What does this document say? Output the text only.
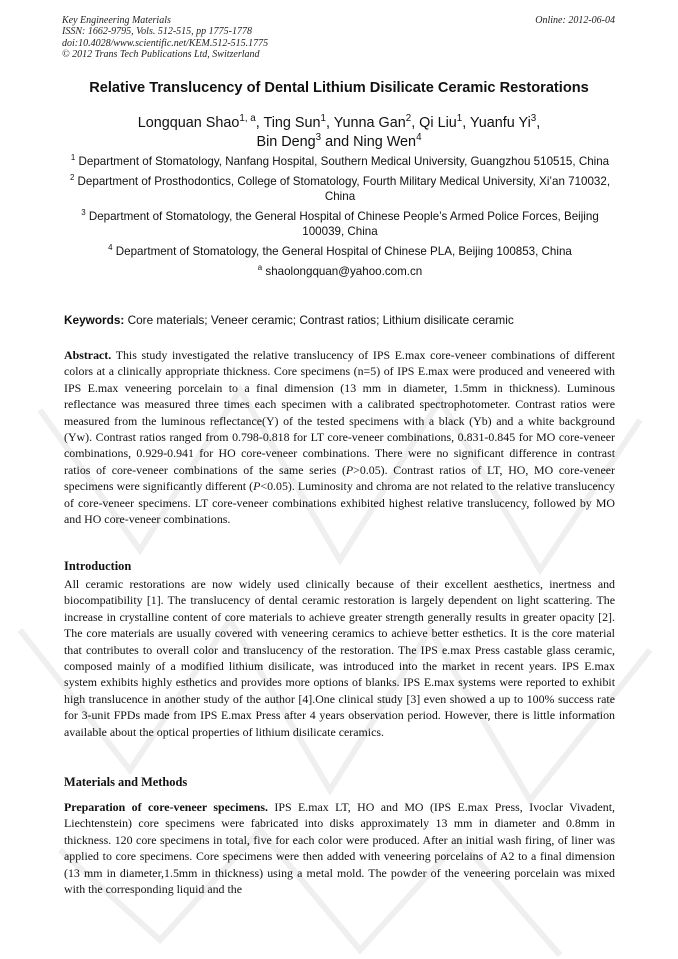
Key Engineering Materials
ISSN: 1662-9795, Vols. 512-515, pp 1775-1778
doi:10.4028/www.scientific.net/KEM.512-515.1775
© 2012 Trans Tech Publications Ltd, Switzerland
Online: 2012-06-04
Relative Translucency of Dental Lithium Disilicate Ceramic Restorations
Longquan Shao$^{1, a}$, Ting Sun$^1$, Yunna Gan$^2$, Qi Liu$^1$, Yuanfu Yi$^3$,
Bin Deng$^3$ and Ning Wen$^4$

$^1$ Department of Stomatology, Nanfang Hospital, Southern Medical University, Guangzhou 510515, China

$^2$ Department of Prosthodontics, College of Stomatology, Fourth Military Medical University, Xi’an 710032, China

$^3$ Department of Stomatology, the General Hospital of Chinese People’s Armed Police Forces, Beijing 100039, China

$^4$ Department of Stomatology, the General Hospital of Chinese PLA, Beijing 100853, China

$^a$ shaolongquan@yahoo.com.cn

Keywords: Core materials; Veneer ceramic; Contrast ratios; Lithium disilicate ceramic
Abstract. This study investigated the relative translucency of IPS E.max core-veneer combinations of different colors at a clinically appropriate thickness. Core specimens (n=5) of IPS E.max were produced and veneered with IPS E.max veneering porcelain to a final dimension (13 mm in diameter, 1.5mm in thickness). Luminous reflectance was measured three times each specimen with a calibrated spectrophotometer. Contrast ratios were measured from the luminous reflectance(Y) of the tested specimens with a black (Yb) and a white background (Yw). Contrast ratios ranged from 0.798-0.818 for LT core-veneer combinations, 0.831-0.845 for MO core-veneer combinations, 0.929-0.941 for HO core-veneer combinations. There were no significant difference in contrast ratios of core-veneer combinations of the same series (P>0.05). Contrast ratios of LT, HO, MO core-veneer specimens were significantly different (P<0.05). Luminosity and chroma are not related to the relative translucency of core-veneer specimens. LT core-veneer combinations exhibited highest relative translucency, followed by MO and HO core-veneer combinations.
Introduction
All ceramic restorations are now widely used clinically because of their excellent aesthetics, inertness and biocompatibility [1]. The translucency of dental ceramic restoration is largely dependent on light scattering. The increase in crystalline content of core materials to achieve greater strength generally results in greater opacity [2]. The core materials are usually covered with veneering ceramics to achieve better esthetics. It is the core material that contributes to overall color and translucency of the restoration. The IPS e.max Press castable glass ceramic, composed mainly of a modified lithium disilicate, was introduced into the market in recent years. IPS E.max system exhibits highly esthetics and provides more options of blanks. IPS E.max systems were reported to exhibit high translucence in another study of the author [4].One clinical study [3] even showed a up to 100% success rate for 3-unit FPDs made from IPS E.max Press after 4 years observation period. However, there is little information available about the optical properties of lithium disilicate ceramics.
Materials and Methods
Preparation of core-veneer specimens. IPS E.max LT, HO and MO (IPS E.max Press, Ivoclar Vivadent, Liechtenstein) core specimens were fabricated into disks approximately 13 mm in diameter and 0.8mm in thickness. 120 core specimens in total, five for each color were produced. After an initial wash firing, of liner was applied to core specimens. Core specimens were then added with veneering porcelains of A2 to a final dimension (13 mm in diameter,1.5mm in thickness) using a metal mold. The powder of the veneering porcelain was mixed with the corresponding liquid and the
